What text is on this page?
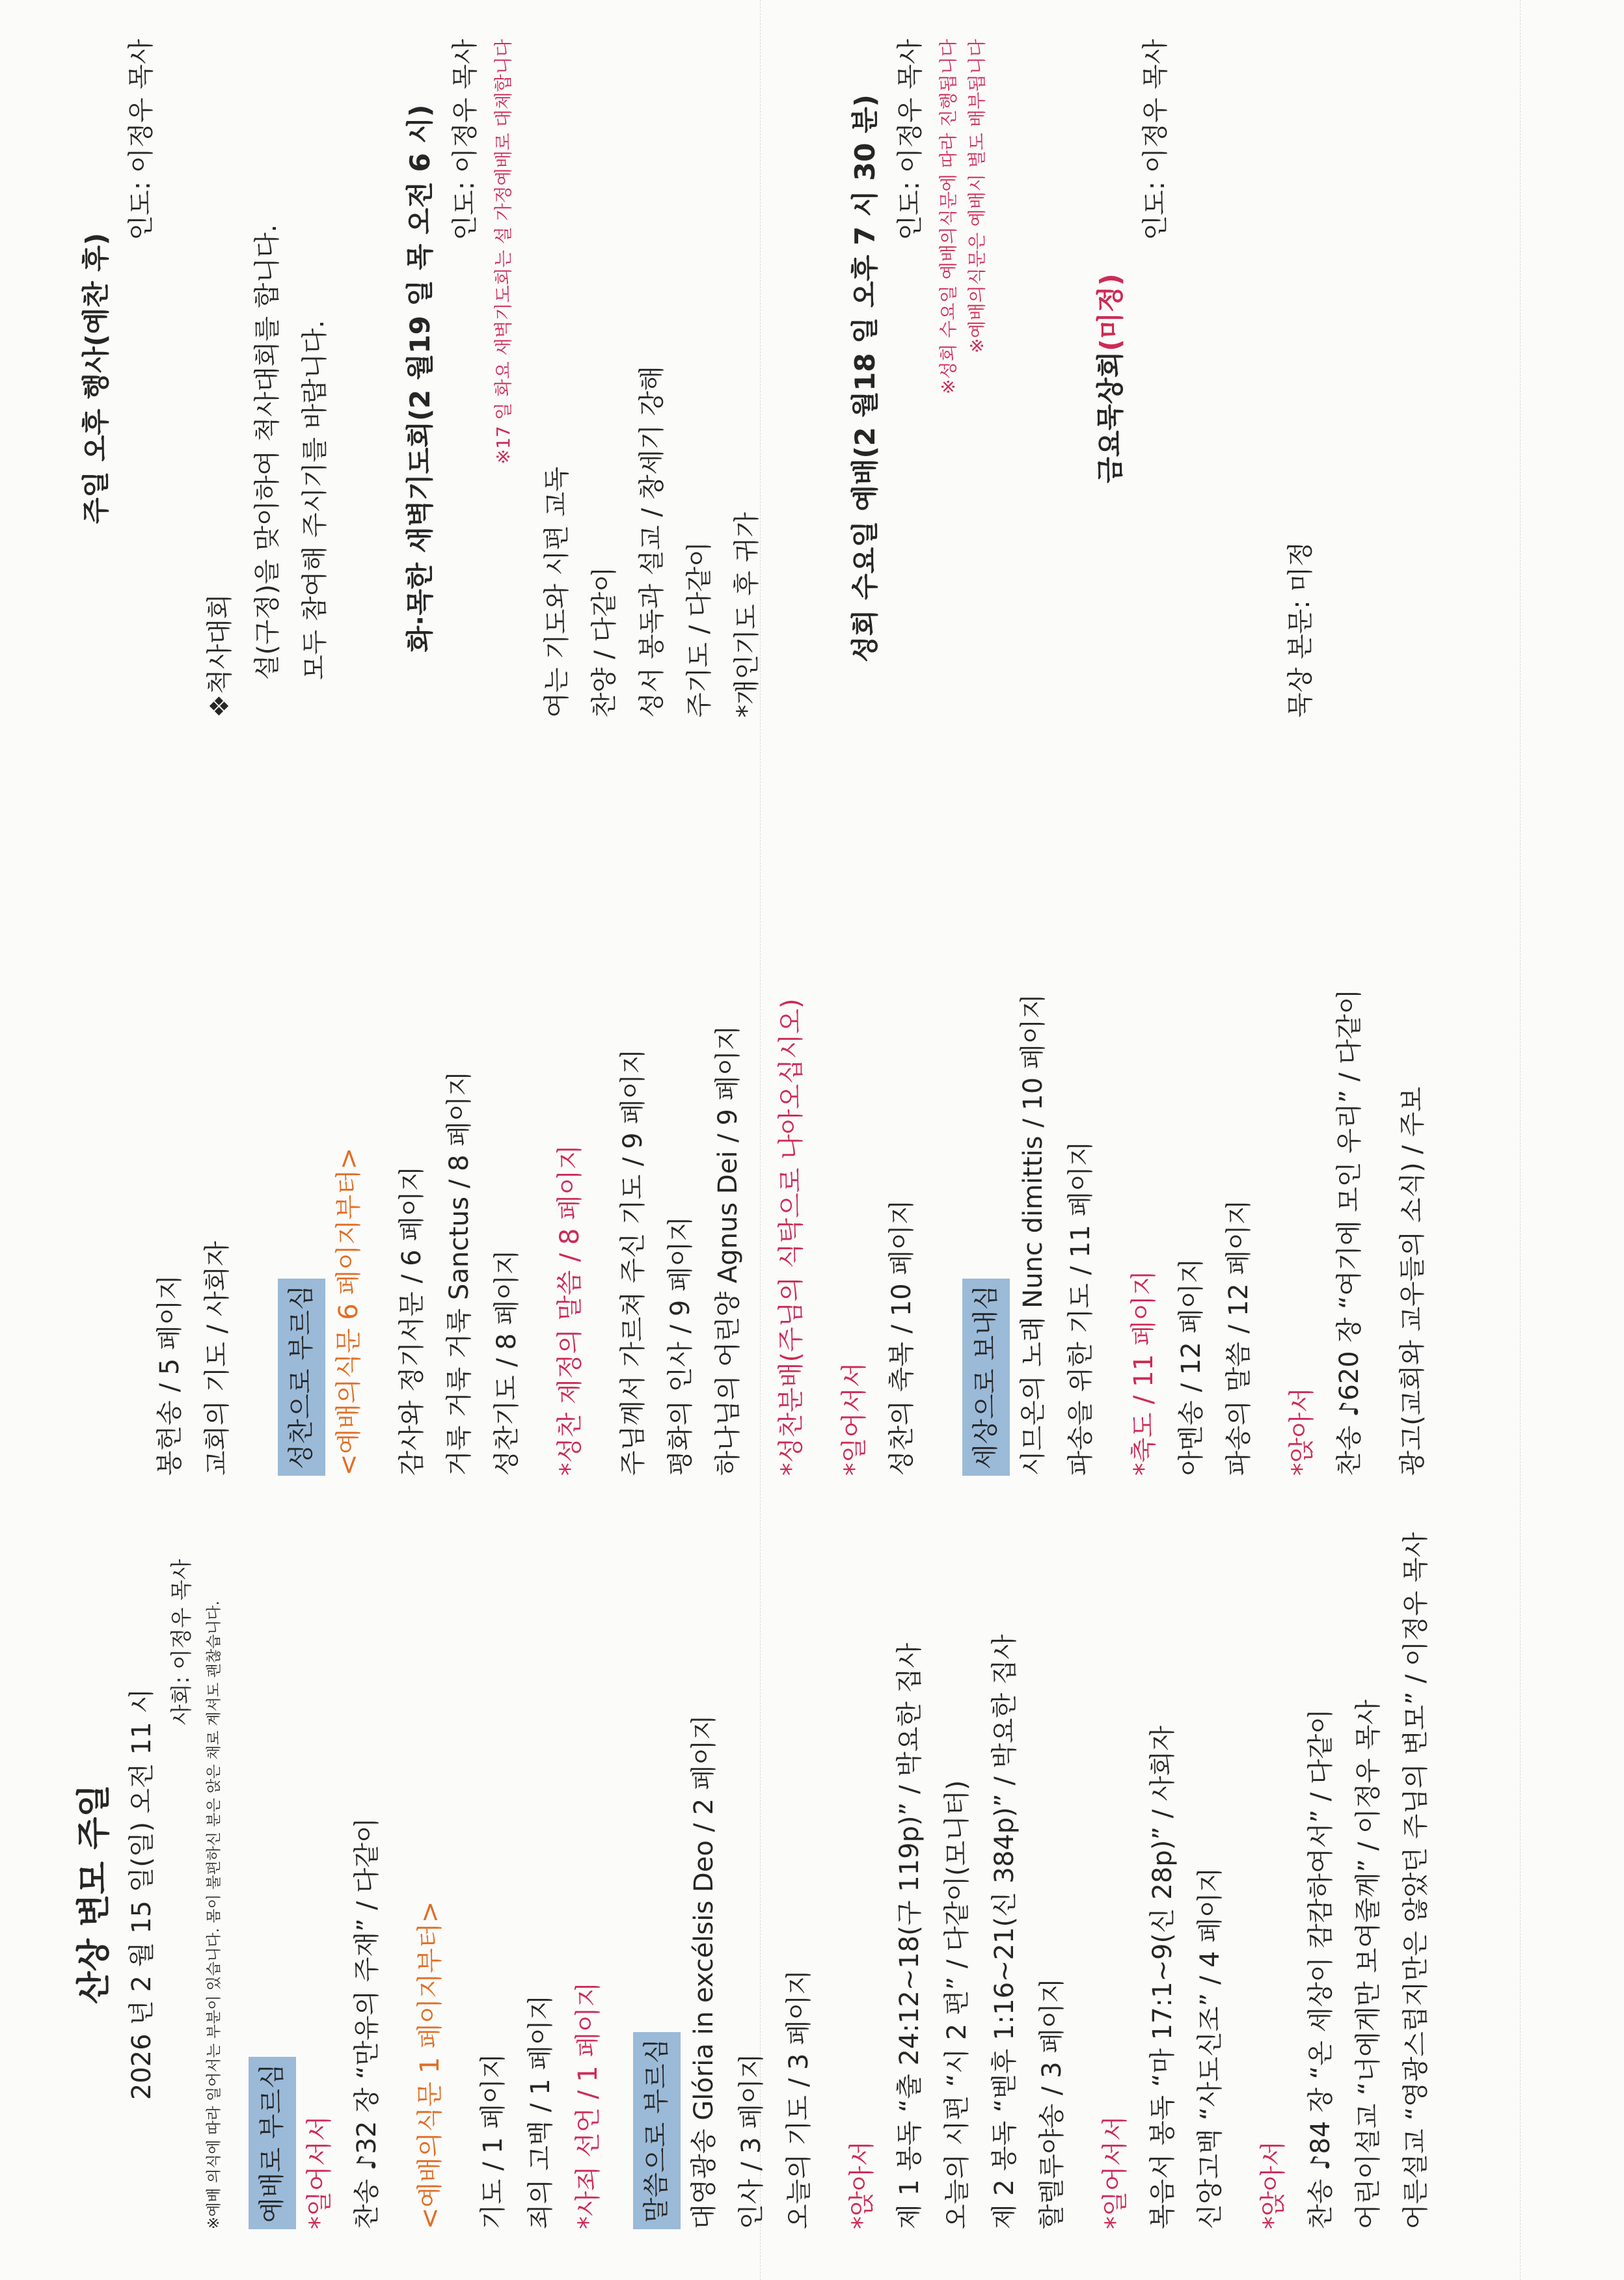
산상 변모 주일 2026 년 2 월 15 일(일) 오전 11 시
사회: 이정우 목사 ※예배 의식에 따라 일어서는 부분이 있습니다. 몸이 불편하신 분은 앉은 채로 계셔도 괜찮습니다.	예배로 부르심 *일어서서 찬송 ♪32 장 “만유의 주재” / 다같이	<예배의식문 1 페이지부터>	기도 / 1 페이지 죄의 고백 / 1 페이지 *사죄 선언 / 1 페이지	말씀으로 부르심 대영광송 Glória in excélsis Deo / 2 페이지 인사 / 3 페이지 오늘의 기도 / 3 페이지	*앉아서 제 1 봉독 “출 24:12~18(구 119p)” / 박요한 집사 오늘의 시편 “시 2 편” / 다같이(모니터) 제 2 봉독 “벧후 1:16~21(신 384p)” / 박요한 집사 할렐루야송 / 3 페이지	*일어서서 복음서 봉독 “마 17:1~9(신 28p)” / 사회자 신앙고백 “사도신조” / 4 페이지	*앉아서 찬송 ♪84 장 “온 세상이 캄캄하여서” / 다같이 어린이설교 “너에게만 보여줄께” / 이정우 목사 어른설교 “영광스럽지만은 않았던 주님의 변모” / 이정우 목사
봉헌송 / 5 페이지 교회의 기도 / 사회자	성찬으로 부르심 <예배의식문 6 페이지부터>	감사와 정기서문 / 6 페이지 거룩 거룩 거룩 Sanctus / 8 페이지 성찬기도 / 8 페이지	*성찬 제정의 말씀 / 8 페이지	주님께서 가르쳐 주신 기도 / 9 페이지 평화의 인사 / 9 페이지 하나님의 어린양 Agnus Dei / 9 페이지	*성찬분배(주님의 식탁으로 나아오십시오)	*일어서서 성찬의 축복 / 10 페이지	세상으로 보내심 시므온의 노래 Nunc dimittis / 10 페이지 파송을 위한 기도 / 11 페이지	*축도 / 11 페이지 아멘송 / 12 페이지 파송의 말씀 / 12 페이지	*앉아서 찬송 ♪620 장 “여기에 모인 우리” / 다같이	광고(교회와 교우들의 소식) / 주보
주일 오후 행사(예찬 후)
인도: 이정우 목사
❖척사대회 설(구정)을 맞이하여 척사대회를 합니다. 모두 참여해 주시기를 바랍니다.	화·목한 새벽기도회(2 월19 일 목 오전 6 시) 인도: 이정우 목사 ※17 일 화요 새벽기도회는 설 가정예배로 대체합니다
여는 기도와 시편 교독 찬양 / 다같이 성서 봉독과 설교 / 창세기 강해 주기도 / 다같이 *개인기도 후 귀가	성회 수요일 예배(2 월18 일 오후 7 시 30 분) 인도: 이정우 목사 ※성회 수요일 예배의식문에 따라 진행됩니다 ※예배의식문은 예배시 별도 배부됩니다
금요묵상회(미정)
인도: 이정우 목사
묵상 본문: 미정
